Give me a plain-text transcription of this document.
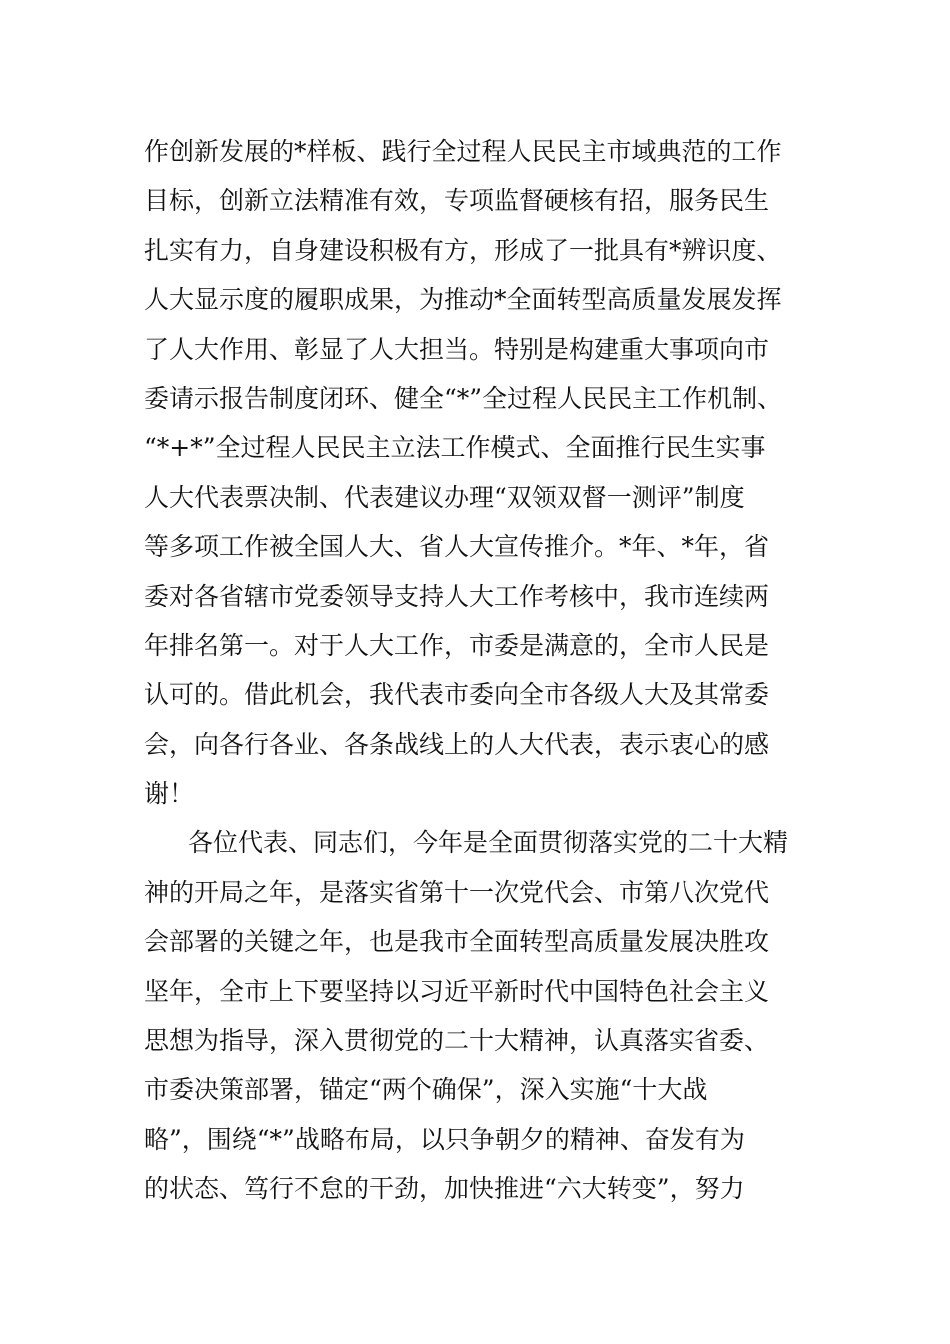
作创新发展的*样板、践行全过程人民民主市域典范的工作
目标，创新立法精准有效，专项监督硬核有招，服务民生
扎实有力，自身建设积极有方，形成了一批具有*辨识度、
人大显示度的履职成果，为推动*全面转型高质量发展发挥
了人大作用、彰显了人大担当。特别是构建重大事项向市
委请示报告制度闭环、健全“*”全过程人民民主工作机制、
“*+*”全过程人民民主立法工作模式、全面推行民生实事
人大代表票决制、代表建议办理“双领双督一测评”制度
等多项工作被全国人大、省人大宣传推介。*年、*年，省
委对各省辖市党委领导支持人大工作考核中，我市连续两
年排名第一。对于人大工作，市委是满意的，全市人民是
认可的。借此机会，我代表市委向全市各级人大及其常委
会，向各行各业、各条战线上的人大代表，表示衷心的感
谢！
各位代表、同志们，今年是全面贯彻落实党的二十大精
神的开局之年，是落实省第十一次党代会、市第八次党代
会部署的关键之年，也是我市全面转型高质量发展决胜攻
坚年，全市上下要坚持以习近平新时代中国特色社会主义
思想为指导，深入贯彻党的二十大精神，认真落实省委、
市委决策部署，锚定“两个确保”，深入实施“十大战
略”，围绕“*”战略布局，以只争朝夕的精神、奋发有为
的状态、笃行不怠的干劲，加快推进“六大转变”，努力
